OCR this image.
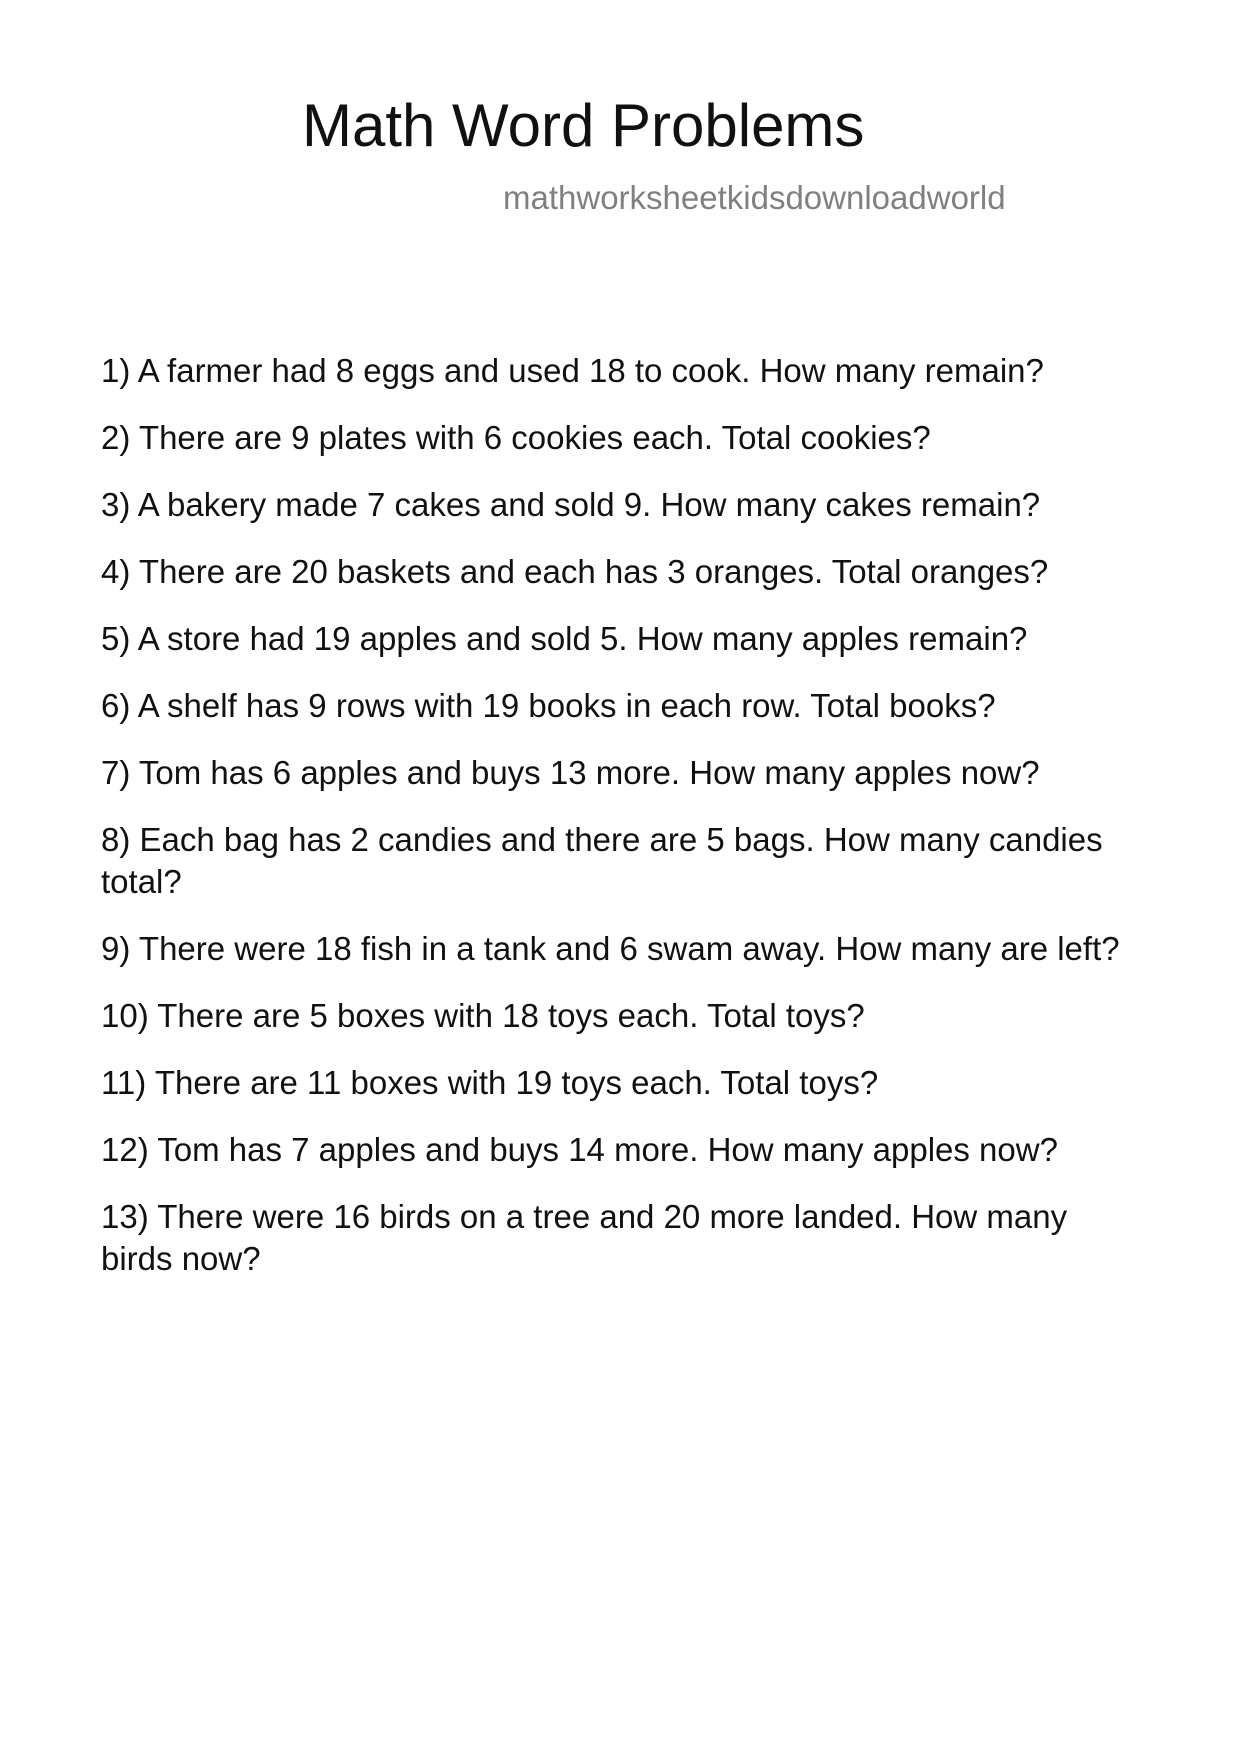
Math Word Problems
mathworksheetkidsdownloadworld
1) A farmer had 8 eggs and used 18 to cook. How many remain?
2) There are 9 plates with 6 cookies each. Total cookies?
3) A bakery made 7 cakes and sold 9. How many cakes remain?
4) There are 20 baskets and each has 3 oranges. Total oranges?
5) A store had 19 apples and sold 5. How many apples remain?
6) A shelf has 9 rows with 19 books in each row. Total books?
7) Tom has 6 apples and buys 13 more. How many apples now?
8) Each bag has 2 candies and there are 5 bags. How many candies total?
9) There were 18 fish in a tank and 6 swam away. How many are left?
10) There are 5 boxes with 18 toys each. Total toys?
11) There are 11 boxes with 19 toys each. Total toys?
12) Tom has 7 apples and buys 14 more. How many apples now?
13) There were 16 birds on a tree and 20 more landed. How many birds now?
